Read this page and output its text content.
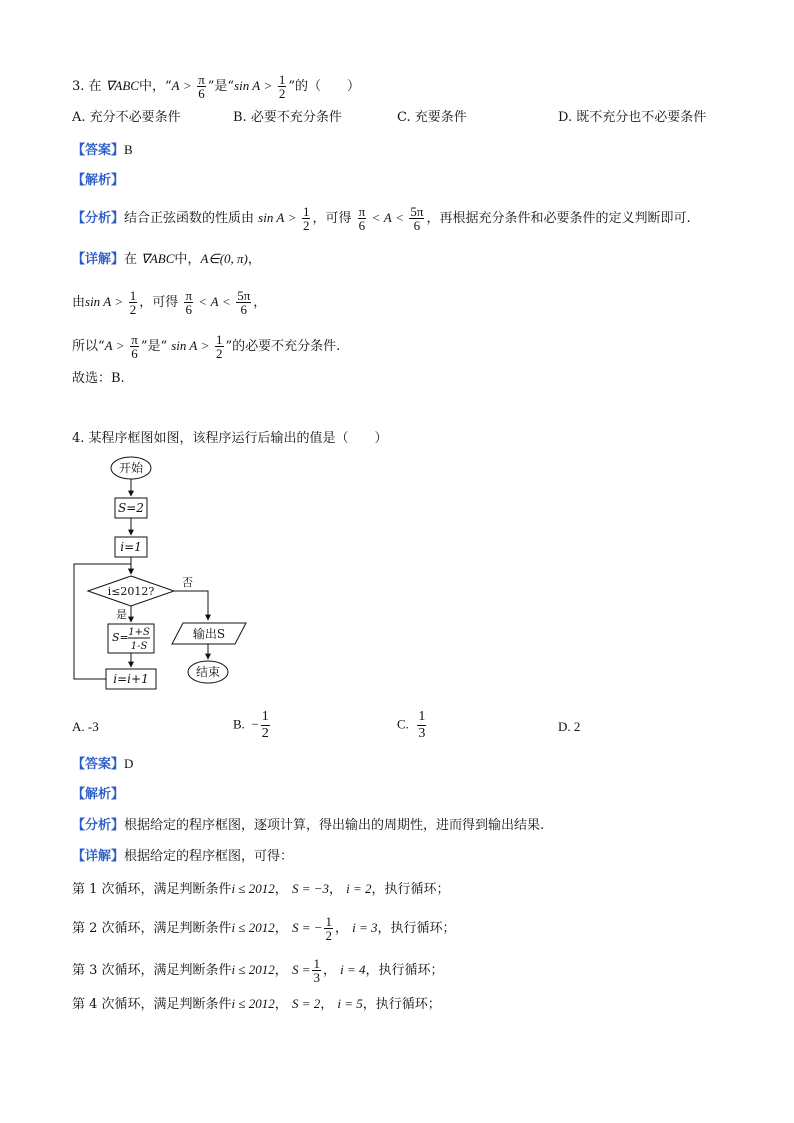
3. 在 ∇ABC中，“$A > \frac{\pi}{6}$ ”是“sin $A > \frac{1}{2}$ ”的（　　）
A. 充分不必要条件	B. 必要不充分条件	C. 充要条件	D. 既不充分也不必要条件
【答案】B
【解析】
【分析】结合正弦函数的性质由 $\sin A > \frac{1}{2}$ ，可得 $\frac{\pi}{6} < A < \frac{5\pi}{6}$ ，再根据充分条件和必要条件的定义判断即可.
【详解】在 ∇ABC中，A∈(0, π)，
由$\sin A > \frac{1}{2}$ ，可得 $\frac{\pi}{6} < A < \frac{5\pi}{6}$ ，
所以“$A > \frac{\pi}{6}$ ”是“ $\sin A > \frac{1}{2}$ ”的必要不充分条件.
故选：B.
4. 某程序框图如图，该程序运行后输出的值是（　　）
开始
S=2
i=1
i≤2012?
否
是
S= 1+S
1-S
i=i+1
输出S
结束
A. -3	B. − $\frac{1}{2}$	C. $\frac{1}{3}$	D. 2
【答案】D
【解析】
【分析】根据给定的程序框图，逐项计算，得出输出的周期性，进而得到输出结果.
【详解】根据给定的程序框图，可得：
第 1 次循环，满足判断条件i ≤ 2012， S = −3， i = 2，执行循环；
第 2 次循环，满足判断条件i ≤ 2012， S = − $\frac{1}{2}$ ， i = 3，执行循环；
第 3 次循环，满足判断条件i ≤ 2012， $S = \frac{1}{3}$ ， i = 4，执行循环；
第 4 次循环，满足判断条件i ≤ 2012， S = 2， i = 5，执行循环；
